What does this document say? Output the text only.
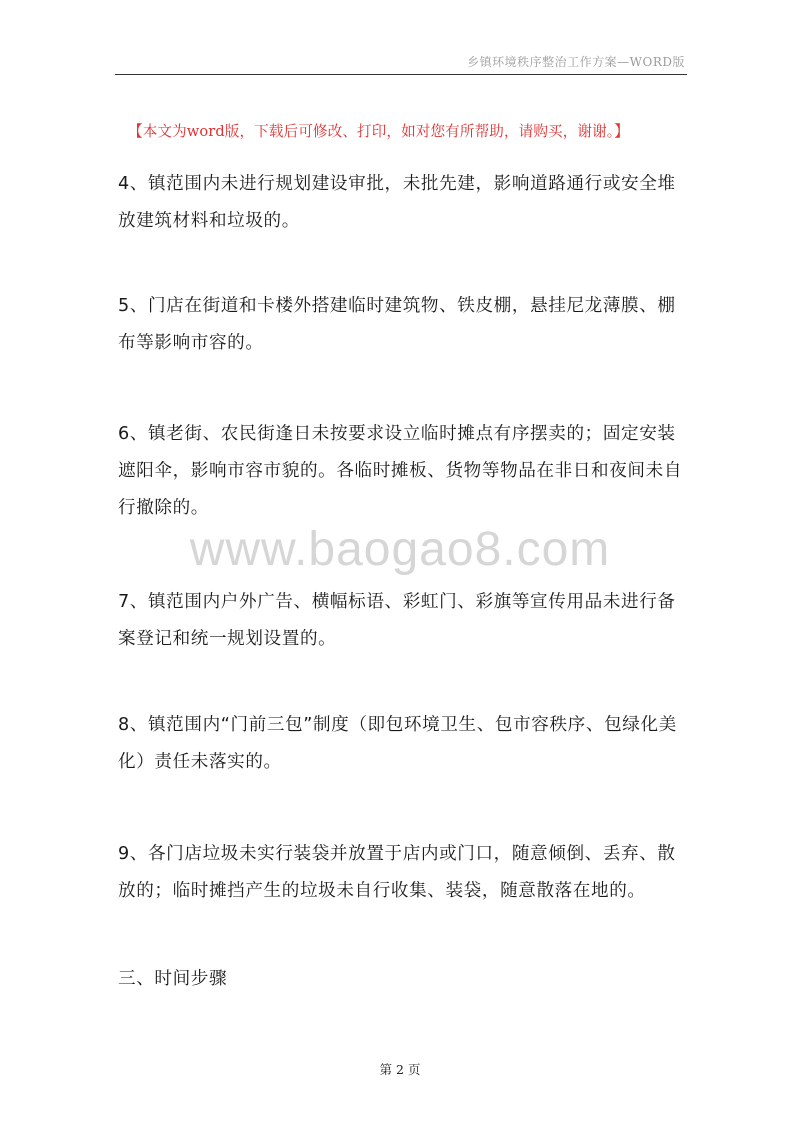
乡镇环境秩序整治工作方案—WORD版
【本文为word版，下载后可修改、打印，如对您有所帮助，请购买，谢谢。】

4、镇范围内未进行规划建设审批，未批先建，影响道路通行或安全堆放建筑材料和垃圾的。

5、门店在街道和卡楼外搭建临时建筑物、铁皮棚，悬挂尼龙薄膜、棚布等影响市容的。

6、镇老街、农民街逢日未按要求设立临时摊点有序摆卖的；固定安装遮阳伞，影响市容市貌的。各临时摊板、货物等物品在非日和夜间未自行撤除的。

7、镇范围内户外广告、横幅标语、彩虹门、彩旗等宣传用品未进行备案登记和统一规划设置的。

8、镇范围内“门前三包”制度（即包环境卫生、包市容秩序、包绿化美化）责任未落实的。

9、各门店垃圾未实行装袋并放置于店内或门口，随意倾倒、丢弃、散放的；临时摊挡产生的垃圾未自行收集、装袋，随意散落在地的。

三、时间步骤
www.baogao8.com
第 2 页
